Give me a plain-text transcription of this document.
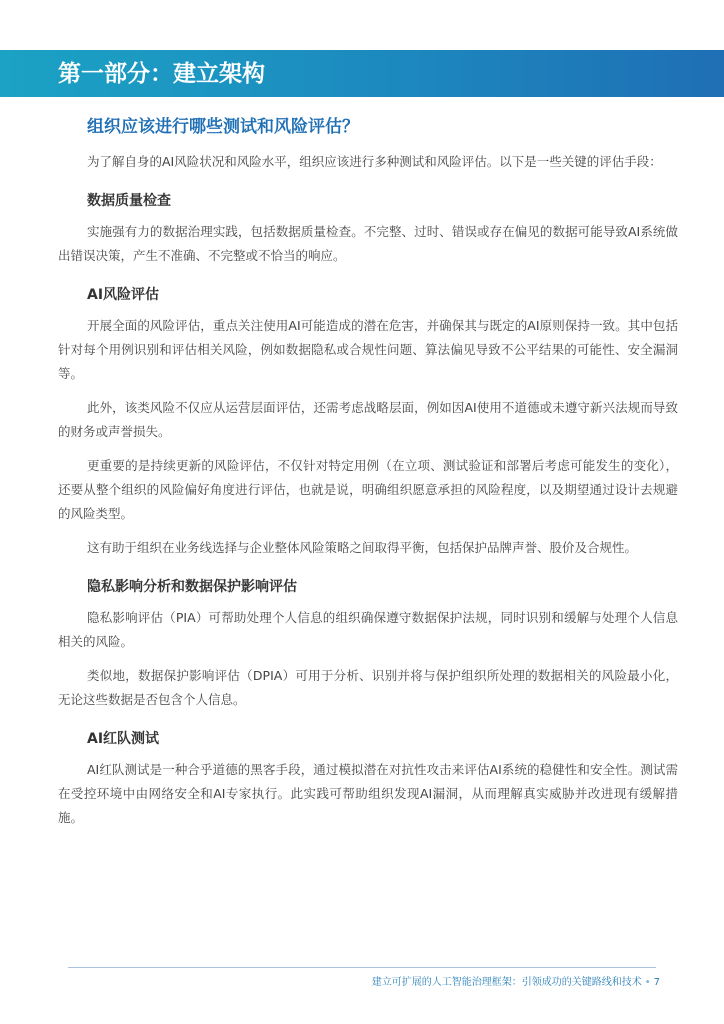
第一部分：建立架构
组织应该进行哪些测试和风险评估？

为了解自身的AI风险状况和风险水平，组织应该进行多种测试和风险评估。以下是一些关键的评估手段：

数据质量检查

实施强有力的数据治理实践，包括数据质量检查。不完整、过时、错误或存在偏见的数据可能导致AI系统做出错误决策，产生不准确、不完整或不恰当的响应。

AI风险评估

开展全面的风险评估，重点关注使用AI可能造成的潜在危害，并确保其与既定的AI原则保持一致。其中包括针对每个用例识别和评估相关风险，例如数据隐私或合规性问题、算法偏见导致不公平结果的可能性、安全漏洞等。

此外，该类风险不仅应从运营层面评估，还需考虑战略层面，例如因AI使用不道德或未遵守新兴法规而导致的财务或声誉损失。

更重要的是持续更新的风险评估，不仅针对特定用例（在立项、测试验证和部署后考虑可能发生的变化），还要从整个组织的风险偏好角度进行评估，也就是说，明确组织愿意承担的风险程度，以及期望通过设计去规避的风险类型。

这有助于组织在业务线选择与企业整体风险策略之间取得平衡，包括保护品牌声誉、股价及合规性。

隐私影响分析和数据保护影响评估

隐私影响评估（PIA）可帮助处理个人信息的组织确保遵守数据保护法规，同时识别和缓解与处理个人信息相关的风险。

类似地，数据保护影响评估（DPIA）可用于分析、识别并将与保护组织所处理的数据相关的风险最小化，无论这些数据是否包含个人信息。

AI红队测试

AI红队测试是一种合乎道德的黑客手段，通过模拟潜在对抗性攻击来评估AI系统的稳健性和安全性。测试需在受控环境中由网络安全和AI专家执行。此实践可帮助组织发现AI漏洞，从而理解真实威胁并改进现有缓解措施。

建立可扩展的人工智能治理框架：引领成功的关键路线和技术 • 7
